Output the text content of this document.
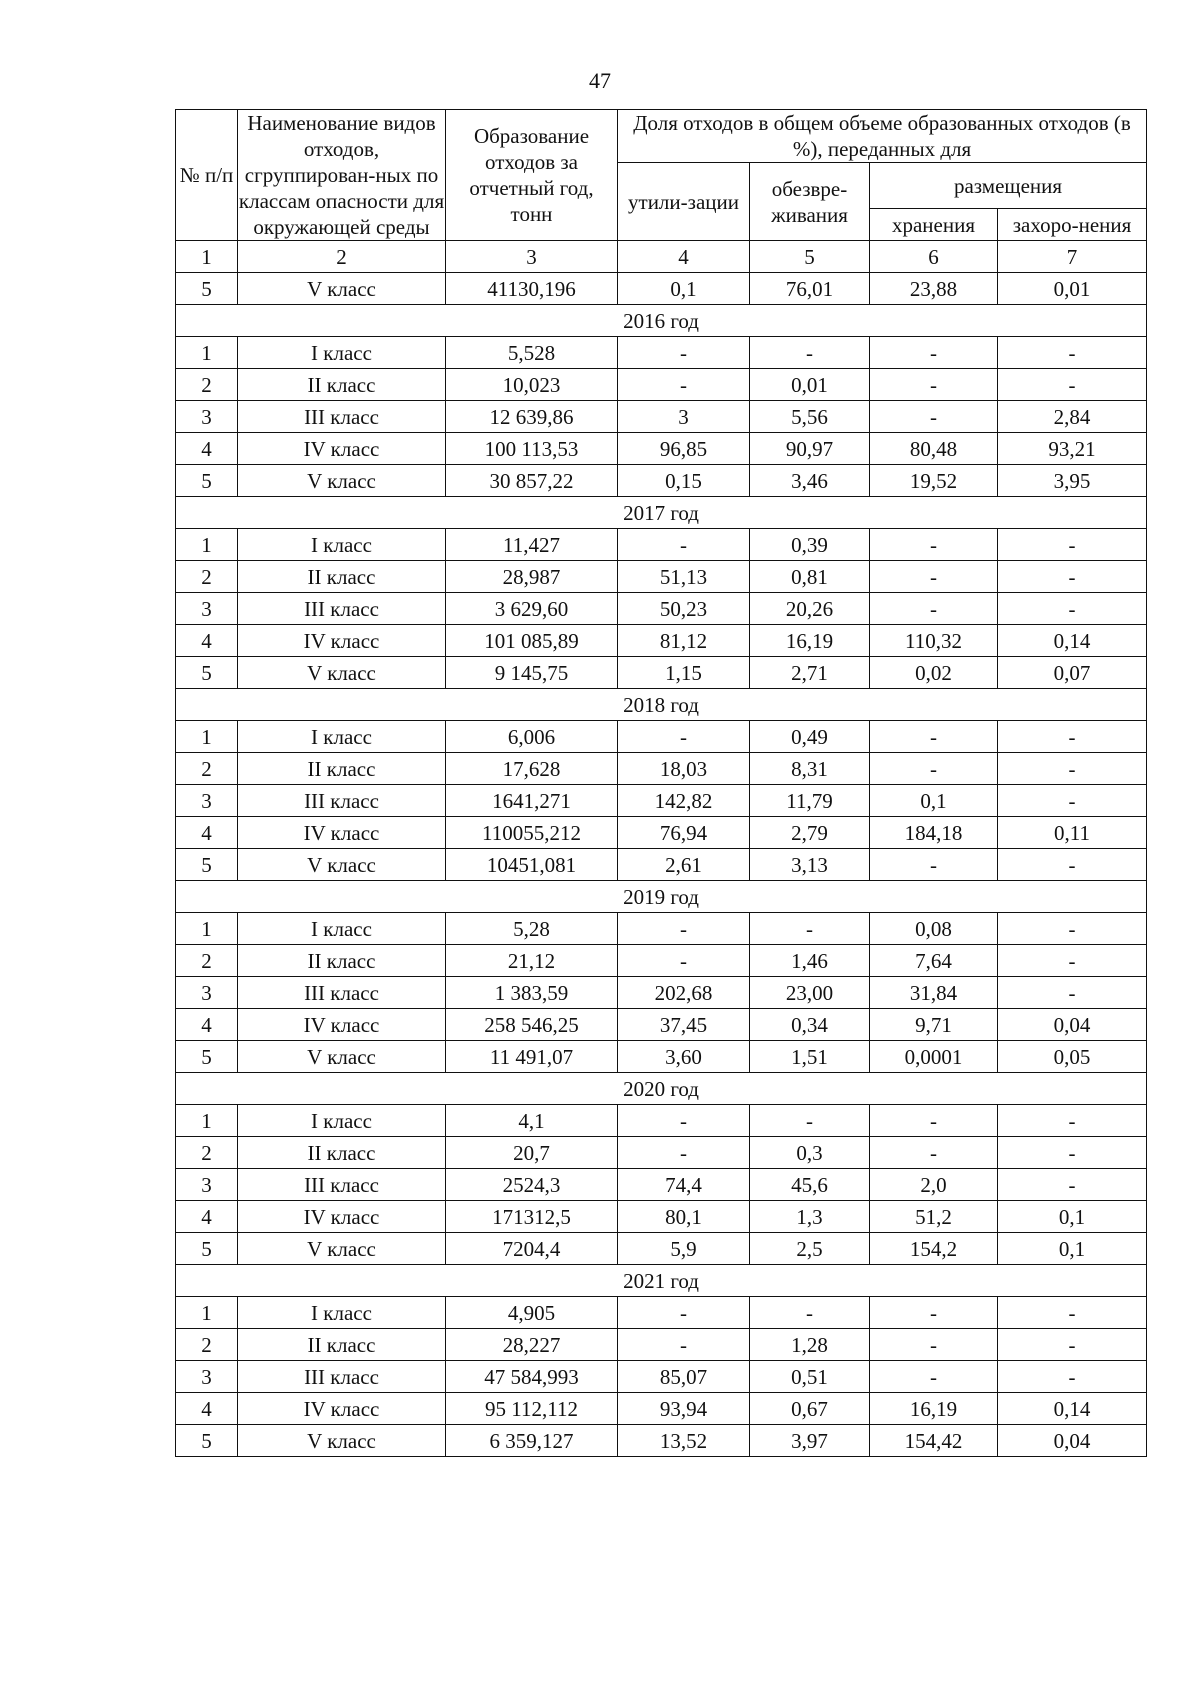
47
№ п/п	Наименование видов отходов, сгруппирован-ных по классам опасности для окружающей среды	Образование отходов за отчетный год, тонн	Доля отходов в общем объеме образованных отходов (в %), переданных для			
			утили-зации	обезвре-живания	размещения	
					хранения	захоро-нения
1	2	3	4	5	6	7
5	V класс	41130,196	0,1	76,01	23,88	0,01
2016 год						
1	I класс	5,528	-	-	-	-
2	II класс	10,023	-	0,01	-	-
3	III класс	12 639,86	3	5,56	-	2,84
4	IV класс	100 113,53	96,85	90,97	80,48	93,21
5	V класс	30 857,22	0,15	3,46	19,52	3,95
2017 год						
1	I класс	11,427	-	0,39	-	-
2	II класс	28,987	51,13	0,81	-	-
3	III класс	3 629,60	50,23	20,26	-	-
4	IV класс	101 085,89	81,12	16,19	110,32	0,14
5	V класс	9 145,75	1,15	2,71	0,02	0,07
2018 год						
1	I класс	6,006	-	0,49	-	-
2	II класс	17,628	18,03	8,31	-	-
3	III класс	1641,271	142,82	11,79	0,1	-
4	IV класс	110055,212	76,94	2,79	184,18	0,11
5	V класс	10451,081	2,61	3,13	-	-
2019 год						
1	I класс	5,28	-	-	0,08	-
2	II класс	21,12	-	1,46	7,64	-
3	III класс	1 383,59	202,68	23,00	31,84	-
4	IV класс	258 546,25	37,45	0,34	9,71	0,04
5	V класс	11 491,07	3,60	1,51	0,0001	0,05
2020 год						
1	I класс	4,1	-	-	-	-
2	II класс	20,7	-	0,3	-	-
3	III класс	2524,3	74,4	45,6	2,0	-
4	IV класс	171312,5	80,1	1,3	51,2	0,1
5	V класс	7204,4	5,9	2,5	154,2	0,1
2021 год						
1	I класс	4,905	-	-	-	-
2	II класс	28,227	-	1,28	-	-
3	III класс	47 584,993	85,07	0,51	-	-
4	IV класс	95 112,112	93,94	0,67	16,19	0,14
5	V класс	6 359,127	13,52	3,97	154,42	0,04
